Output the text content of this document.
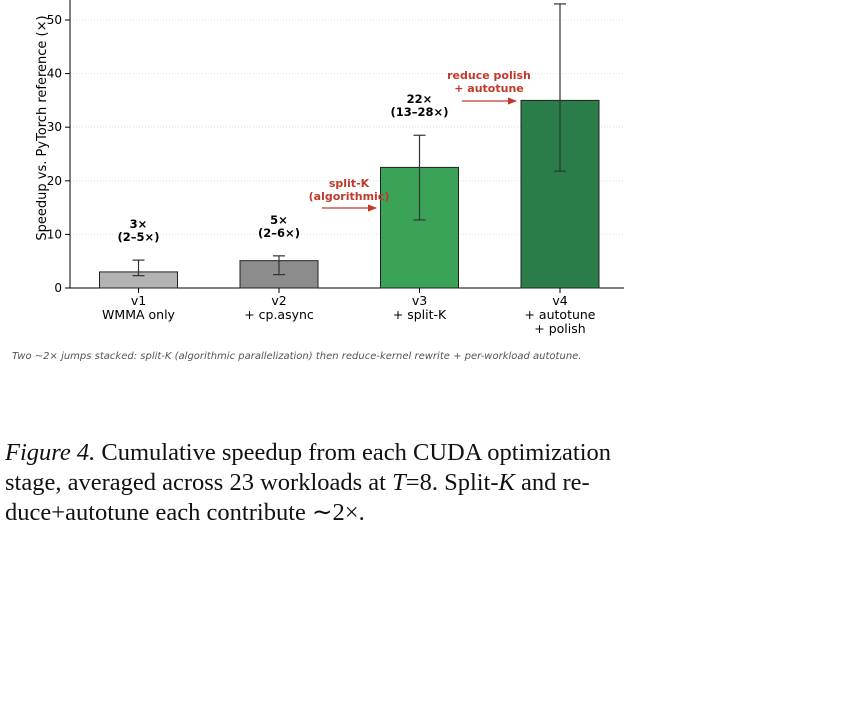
0
10
20
30
40
50
Speedup vs. PyTorch reference (×)
v1
WMMA only
3×
(2–5×)
v2
+ cp.async
5×
(2–6×)
v3
+ split-K
22×
(13–28×)
v4
+ autotune
+ polish
split-K
(algorithmic)
reduce polish
+ autotune
Two ~2× jumps stacked: split-K (algorithmic parallelization) then reduce-kernel rewrite + per-workload autotune.
Figure 4. Cumulative speedup from each CUDA optimization
stage, averaged across 23 workloads at T=8. Split-K and re-
duce+autotune each contribute ∼2×.
